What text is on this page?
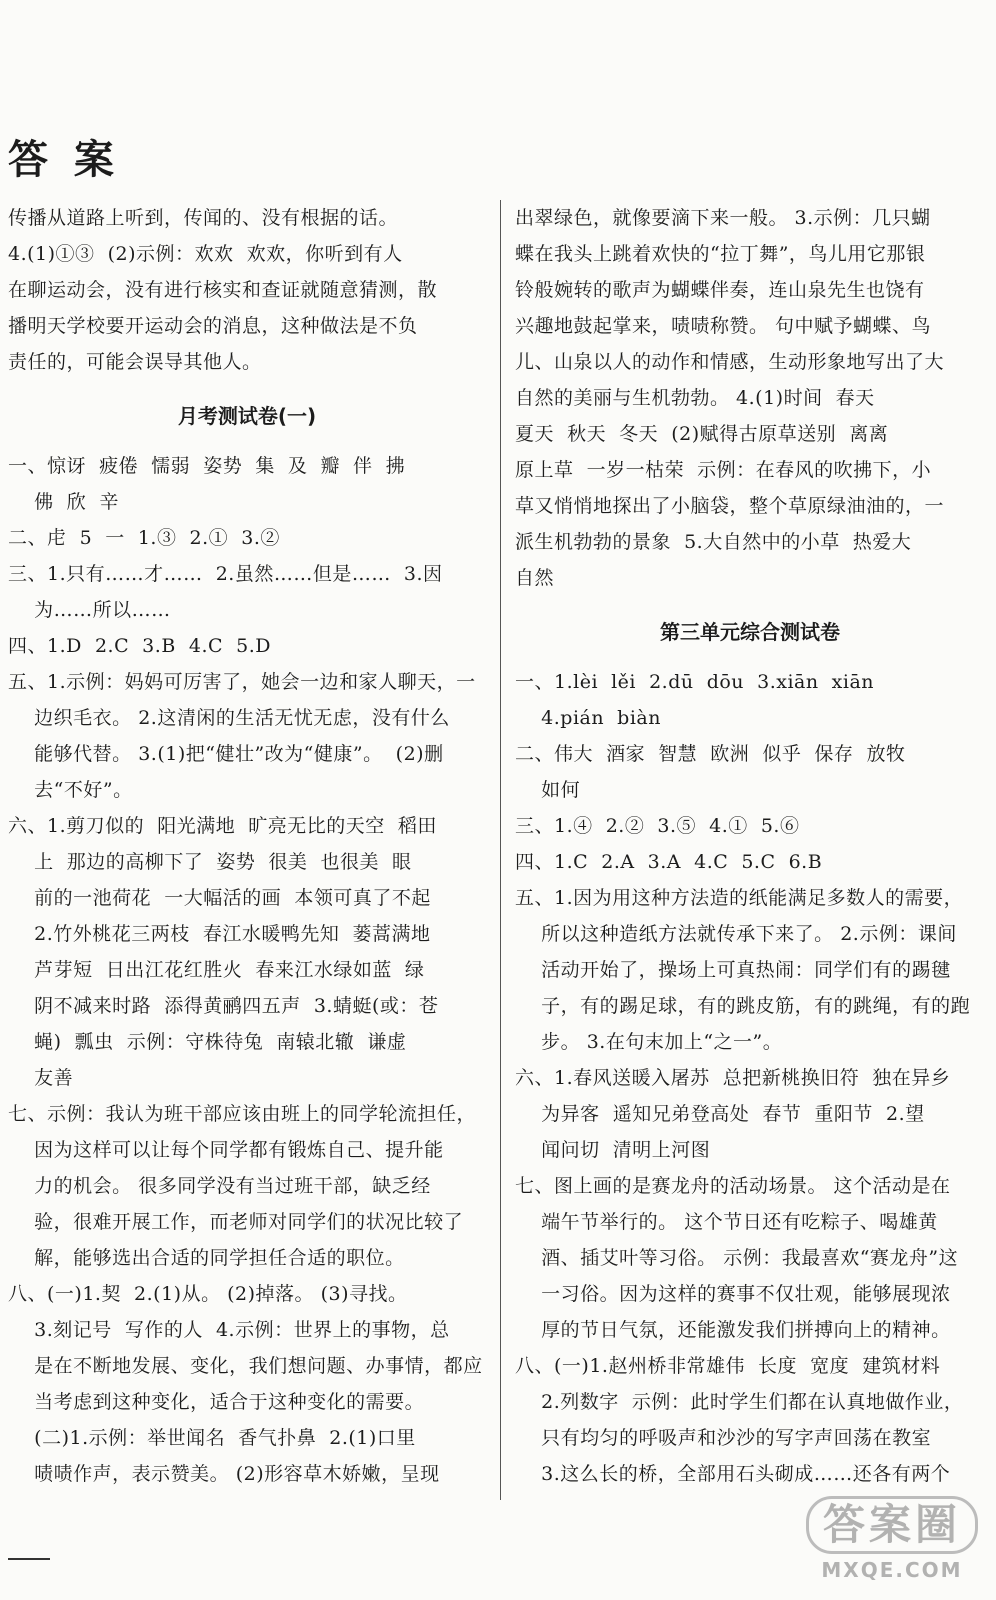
答 案
传播从道路上听到，传闻的、没有根据的话。
4.(1)①③  (2)示例：欢欢  欢欢，你听到有人
在聊运动会，没有进行核实和查证就随意猜测，散
播明天学校要开运动会的消息，这种做法是不负
责任的，可能会误导其他人。
月考测试卷(一)
一、惊讶  疲倦  懦弱  姿势  集  及  瓣  伴  拂
佛  欣  辛
二、虍  5  一  1.③  2.①  3.②
三、1.只有……才……  2.虽然……但是……  3.因
为……所以……
四、1.D  2.C  3.B  4.C  5.D
五、1.示例：妈妈可厉害了，她会一边和家人聊天，一
边织毛衣。 2.这清闲的生活无忧无虑，没有什么
能够代替。 3.(1)把“健壮”改为“健康”。  (2)删
去“不好”。
六、1.剪刀似的  阳光满地  旷亮无比的天空  稻田
上  那边的高柳下了  姿势  很美  也很美  眼
前的一池荷花  一大幅活的画  本领可真了不起
2.竹外桃花三两枝  春江水暖鸭先知  蒌蒿满地
芦芽短  日出江花红胜火  春来江水绿如蓝  绿
阴不减来时路  添得黄鹂四五声  3.蜻蜓(或：苍
蝇)  瓢虫  示例：守株待兔  南辕北辙  谦虚
友善
七、示例：我认为班干部应该由班上的同学轮流担任，
因为这样可以让每个同学都有锻炼自己、提升能
力的机会。 很多同学没有当过班干部，缺乏经
验，很难开展工作，而老师对同学们的状况比较了
解，能够选出合适的同学担任合适的职位。
八、(一)1.契  2.(1)从。 (2)掉落。 (3)寻找。
3.刻记号  写作的人  4.示例：世界上的事物，总
是在不断地发展、变化，我们想问题、办事情，都应
当考虑到这种变化，适合于这种变化的需要。
(二)1.示例：举世闻名  香气扑鼻  2.(1)口里
啧啧作声，表示赞美。 (2)形容草木娇嫩，呈现
出翠绿色，就像要滴下来一般。 3.示例：几只蝴
蝶在我头上跳着欢快的“拉丁舞”，鸟儿用它那银
铃般婉转的歌声为蝴蝶伴奏，连山泉先生也饶有
兴趣地鼓起掌来，啧啧称赞。 句中赋予蝴蝶、鸟
儿、山泉以人的动作和情感，生动形象地写出了大
自然的美丽与生机勃勃。 4.(1)时间  春天
夏天  秋天  冬天  (2)赋得古原草送别  离离
原上草  一岁一枯荣  示例：在春风的吹拂下，小
草又悄悄地探出了小脑袋，整个草原绿油油的，一
派生机勃勃的景象  5.大自然中的小草  热爱大
自然
第三单元综合测试卷
一、1.lèi  lěi  2.dū  dōu  3.xiān  xiān
4.pián  biàn
二、伟大  酒家  智慧  欧洲  似乎  保存  放牧
如何
三、1.④  2.②  3.⑤  4.①  5.⑥
四、1.C  2.A  3.A  4.C  5.C  6.B
五、1.因为用这种方法造的纸能满足多数人的需要，
所以这种造纸方法就传承下来了。 2.示例：课间
活动开始了，操场上可真热闹：同学们有的踢毽
子，有的踢足球，有的跳皮筋，有的跳绳，有的跑
步。 3.在句末加上“之一”。
六、1.春风送暖入屠苏  总把新桃换旧符  独在异乡
为异客  遥知兄弟登高处  春节  重阳节  2.望
闻问切  清明上河图
七、图上画的是赛龙舟的活动场景。 这个活动是在
端午节举行的。 这个节日还有吃粽子、喝雄黄
酒、插艾叶等习俗。 示例：我最喜欢“赛龙舟”这
一习俗。因为这样的赛事不仅壮观，能够展现浓
厚的节日气氛，还能激发我们拼搏向上的精神。
八、(一)1.赵州桥非常雄伟  长度  宽度  建筑材料
2.列数字  示例：此时学生们都在认真地做作业，
只有均匀的呼吸声和沙沙的写字声回荡在教室
3.这么长的桥，全部用石头砌成……还各有两个
答案圈
MXQE.COM
